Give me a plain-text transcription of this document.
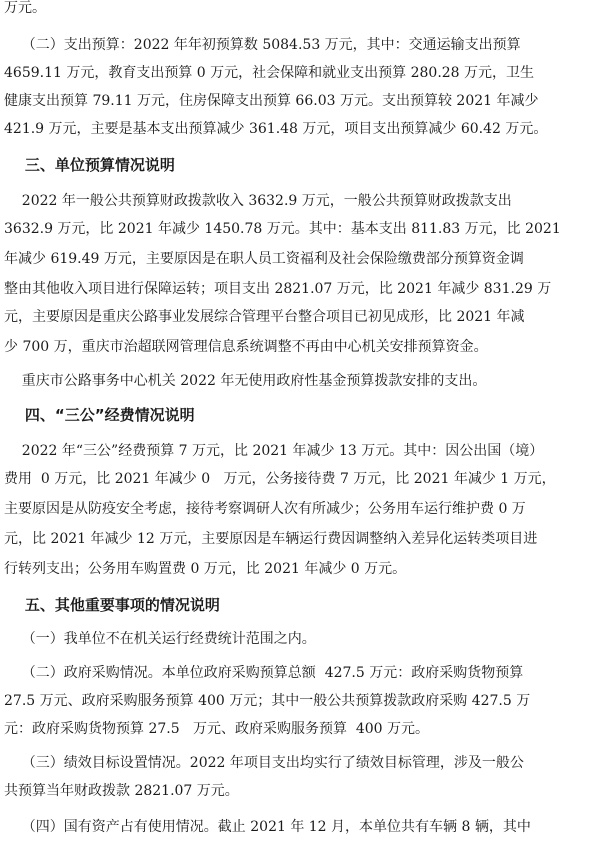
万元。
（二）支出预算：2022 年年初预算数 5084.53 万元，其中：交通运输支出预算
4659.11 万元，教育支出预算 0 万元，社会保障和就业支出预算 280.28 万元，卫生
健康支出预算 79.11 万元，住房保障支出预算 66.03 万元。支出预算较 2021 年减少
421.9 万元，主要是基本支出预算减少 361.48 万元，项目支出预算减少 60.42 万元。
三、单位预算情况说明
2022 年一般公共预算财政拨款收入 3632.9 万元，一般公共预算财政拨款支出
3632.9 万元，比 2021 年减少 1450.78 万元。其中：基本支出 811.83 万元，比 2021
年减少 619.49 万元，主要原因是在职人员工资福利及社会保险缴费部分预算资金调
整由其他收入项目进行保障运转；项目支出 2821.07 万元，比 2021 年减少 831.29 万
元，主要原因是重庆公路事业发展综合管理平台整合项目已初见成形，比 2021 年减
少 700 万，重庆市治超联网管理信息系统调整不再由中心机关安排预算资金。
重庆市公路事务中心机关 2022 年无使用政府性基金预算拨款安排的支出。
四、“三公”经费情况说明
2022 年“三公”经费预算 7 万元，比 2021 年减少 13 万元。其中：因公出国（境）
费用  0 万元，比 2021 年减少 0   万元，公务接待费 7 万元，比 2021 年减少 1 万元，
主要原因是从防疫安全考虑，接待考察调研人次有所减少；公务用车运行维护费 0 万
元，比 2021 年减少 12 万元，主要原因是车辆运行费因调整纳入差异化运转类项目进
行转列支出；公务用车购置费 0 万元，比 2021 年减少 0 万元。
五、其他重要事项的情况说明
（一）我单位不在机关运行经费统计范围之内。
（二）政府采购情况。本单位政府采购预算总额  427.5 万元：政府采购货物预算
27.5 万元、政府采购服务预算 400 万元；其中一般公共预算拨款政府采购 427.5 万
元：政府采购货物预算 27.5   万元、政府采购服务预算  400 万元。
（三）绩效目标设置情况。2022 年项目支出均实行了绩效目标管理，涉及一般公
共预算当年财政拨款 2821.07 万元。
（四）国有资产占有使用情况。截止 2021 年 12 月，本单位共有车辆 8 辆，其中
